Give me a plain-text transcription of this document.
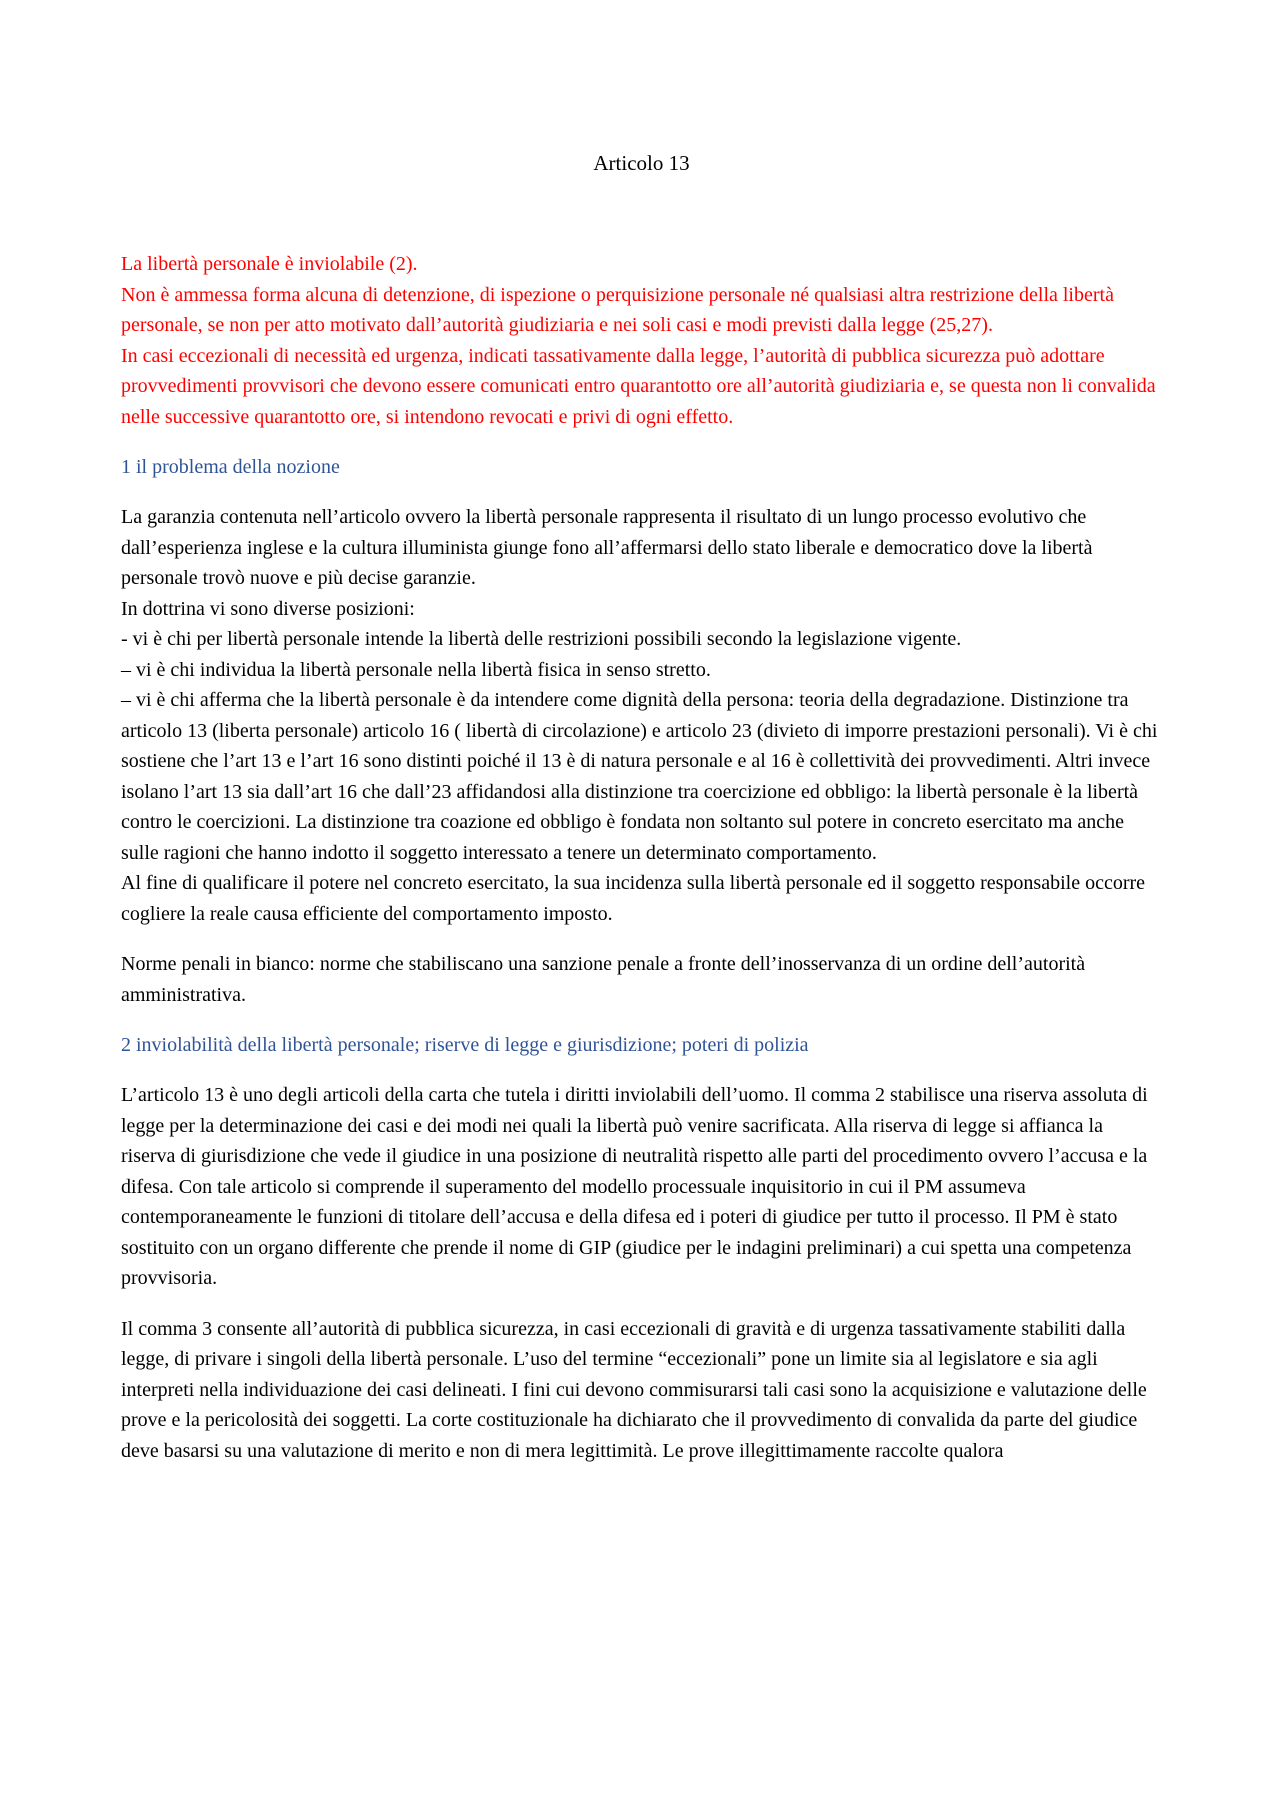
Articolo 13

La libertà personale è inviolabile (2).

Non è ammessa forma alcuna di detenzione, di ispezione o perquisizione personale né qualsiasi altra restrizione della libertà personale, se non per atto motivato dall’autorità giudiziaria e nei soli casi e modi previsti dalla legge (25,27).

In casi eccezionali di necessità ed urgenza, indicati tassativamente dalla legge, l’autorità di pubblica sicurezza può adottare provvedimenti provvisori che devono essere comunicati entro quarantotto ore all’autorità giudiziaria e, se questa non li convalida nelle successive quarantotto ore, si intendono revocati e privi di ogni effetto.

1 il problema della nozione

La garanzia contenuta nell’articolo ovvero la libertà personale rappresenta il risultato di un lungo processo evolutivo che dall’esperienza inglese e la cultura illuminista giunge fono all’affermarsi dello stato liberale e democratico dove la libertà personale trovò nuove e più decise garanzie.

In dottrina vi sono diverse posizioni:

- vi è chi per libertà personale intende la libertà delle restrizioni possibili secondo la legislazione vigente.

– vi è chi individua la libertà personale nella libertà fisica in senso stretto.

– vi è chi afferma che la libertà personale è da intendere come dignità della persona: teoria della degradazione. Distinzione tra articolo 13 (liberta personale) articolo 16 ( libertà di circolazione) e articolo 23 (divieto di imporre prestazioni personali). Vi è chi sostiene che l’art 13 e l’art 16 sono distinti poiché il 13 è di natura personale e al 16 è collettività dei provvedimenti. Altri invece isolano l’art 13 sia dall’art 16 che dall’23 affidandosi alla distinzione tra coercizione ed obbligo: la libertà personale è la libertà contro le coercizioni. La distinzione tra coazione ed obbligo è fondata non soltanto sul potere in concreto esercitato ma anche sulle ragioni che hanno indotto il soggetto interessato a tenere un determinato comportamento.

Al fine di qualificare il potere nel concreto esercitato, la sua incidenza sulla libertà personale ed il soggetto responsabile occorre cogliere la reale causa efficiente del comportamento imposto.

Norme penali in bianco: norme che stabiliscano una sanzione penale a fronte dell’inosservanza di un ordine dell’autorità amministrativa.

2 inviolabilità della libertà personale; riserve di legge e giurisdizione; poteri di polizia

L’articolo 13 è uno degli articoli della carta che tutela i diritti inviolabili dell’uomo. Il comma 2 stabilisce una riserva assoluta di legge per la determinazione dei casi e dei modi nei quali la libertà può venire sacrificata. Alla riserva di legge si affianca la riserva di giurisdizione che vede il giudice in una posizione di neutralità rispetto alle parti del procedimento ovvero l’accusa e la difesa. Con tale articolo si comprende il superamento del modello processuale inquisitorio in cui il PM assumeva contemporaneamente le funzioni di titolare dell’accusa e della difesa ed i poteri di giudice per tutto il processo. Il PM è stato sostituito con un organo differente che prende il nome di GIP (giudice per le indagini preliminari) a cui spetta una competenza provvisoria.

Il comma 3 consente all’autorità di pubblica sicurezza, in casi eccezionali di gravità e di urgenza tassativamente stabiliti dalla legge, di privare i singoli della libertà personale. L’uso del termine “eccezionali” pone un limite sia al legislatore e sia agli interpreti nella individuazione dei casi delineati. I fini cui devono commisurarsi tali casi sono la acquisizione e valutazione delle prove e la pericolosità dei soggetti. La corte costituzionale ha dichiarato che il provvedimento di convalida da parte del giudice deve basarsi su una valutazione di merito e non di mera legittimità. Le prove illegittimamente raccolte qualora
